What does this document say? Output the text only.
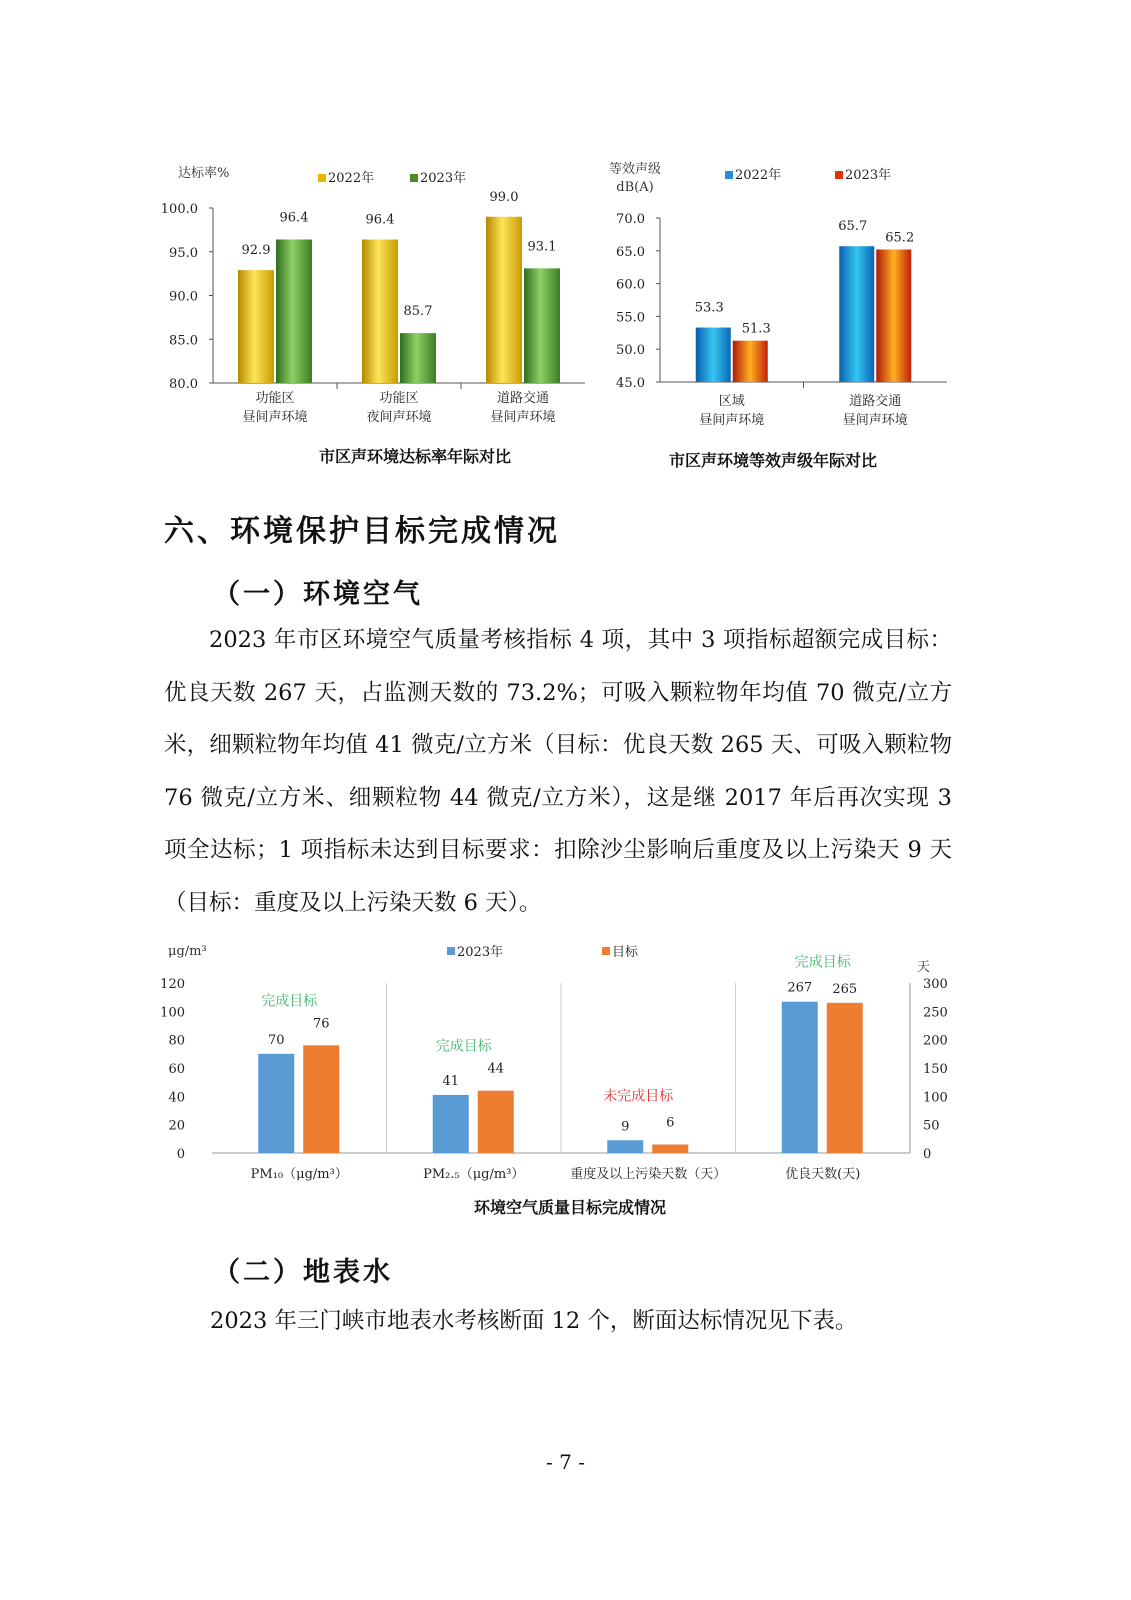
达标率%
80.0
85.0
90.0
95.0
100.0
2022年	2023年
功能区
昼间声环境
92.9
96.4
功能区
夜间声环境
96.4
85.7
道路交通
昼间声环境
99.0
93.1
市区声环境达标率年际对比
等效声级
dB(A)
45.0
50.0
55.0
60.0
65.0
70.0
2022年	2023年
区域
昼间声环境
53.3
51.3
道路交通
昼间声环境
65.7
65.2
市区声环境等效声级年际对比
六、环境保护目标完成情况
（一）环境空气

2023 年市区环境空气质量考核指标 4 项，其中 3 项指标超额完成目标：优良天数 267 天，占监测天数的 73.2%；可吸入颗粒物年均值 70 微克/立方米，细颗粒物年均值 41 微克/立方米（目标：优良天数 265 天、可吸入颗粒物 76 微克/立方米、细颗粒物 44 微克/立方米），这是继 2017 年后再次实现 3 项全达标；1 项指标未达到目标要求：扣除沙尘影响后重度及以上污染天 9 天（目标：重度及以上污染天数 6 天）。

μg/m³
天
0
20
40
60
80
100
120
0
50
100
150
200
250
300
2023年	目标
PM₁₀（μg/m³）
70
76
完成目标
PM₂.₅（μg/m³）
41
44
完成目标
重度及以上污染天数（天）
9	6
未完成目标
优良天数(天)
267 265
完成目标
环境空气质量目标完成情况
（二）地表水
2023 年三门峡市地表水考核断面 12 个，断面达标情况见下表。
- 7 -
